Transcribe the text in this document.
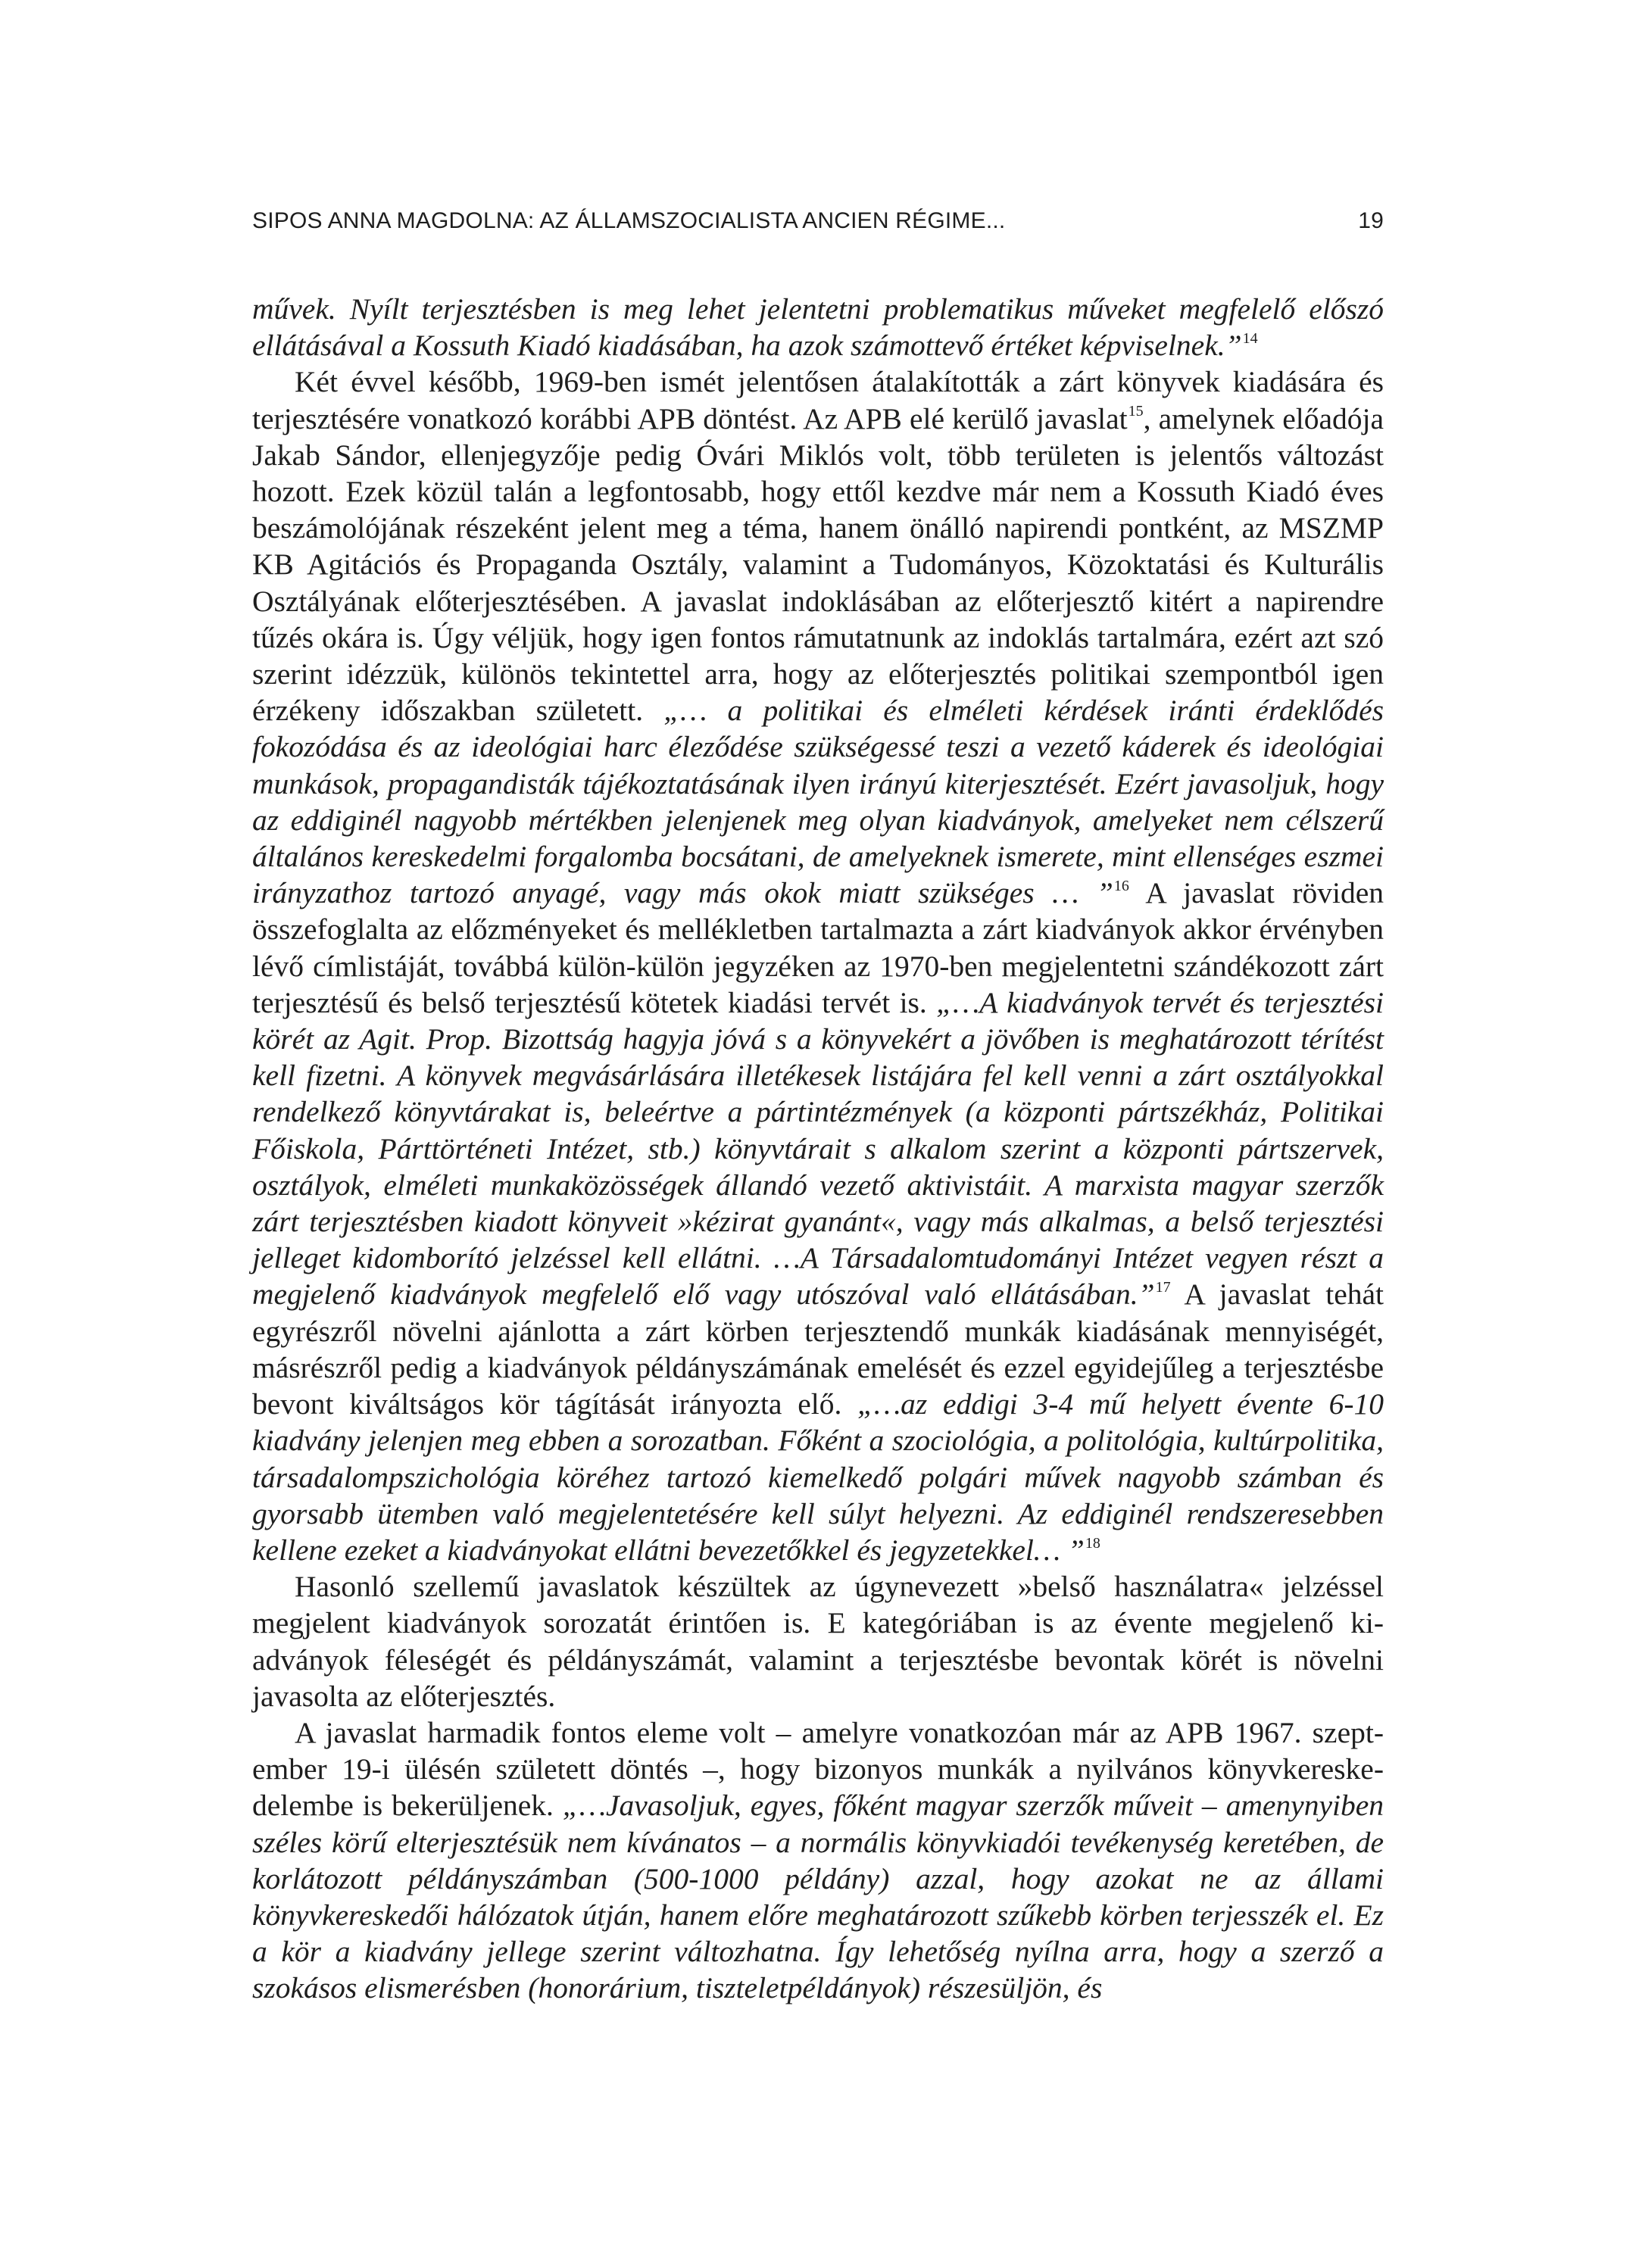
SIPOS ANNA MAGDOLNA: AZ ÁLLAMSZOCIALISTA ANCIEN RÉGIME...	19

művek. Nyílt terjesztésben is meg lehet jelentetni problematikus műveket megfelelő előszó ellátásával a Kossuth Kiadó kiadásában, ha azok számottevő értéket képviselnek.”$^{14}$

Két évvel később, 1969-ben ismét jelentősen átalakították a zárt könyvek kiadására és terjesztésére vonatkozó korábbi APB döntést. Az APB elé kerülő javaslat$^{15}$, amelynek előadója Jakab Sándor, ellenjegyzője pedig Óvári Miklós volt, több területen is jelentős változást hozott. Ezek közül talán a legfontosabb, hogy ettől kezdve már nem a Kossuth Kiadó éves beszámolójának részeként jelent meg a téma, hanem önálló napirendi pontként, az MSZMP KB Agitációs és Propaganda Osztály, valamint a Tudományos, Közoktatási és Kulturális Osztályának előterjesztésében. A javaslat indoklásában az előterjesztő kitért a napirendre tűzés okára is. Úgy véljük, hogy igen fontos rámutatnunk az indoklás tartalmára, ezért azt szó szerint idézzük, különös tekintettel arra, hogy az előterjesztés politikai szempontból igen érzékeny időszakban született. „… a politikai és elméleti kérdések iránti érdeklődés fokozódása és az ideológiai harc éleződése szükségessé teszi a vezető káderek és ideológiai munkások, propagandisták tájékoztatásának ilyen irányú kiterjesztését. Ezért javasoljuk, hogy az eddiginél nagyobb mértékben jelenjenek meg olyan kiadványok, amelyeket nem célszerű általános kereskedelmi forgalomba bocsátani, de amelyeknek ismerete, mint ellenséges eszmei irányzathoz tartozó anyagé, vagy más okok miatt szükséges … ”$^{16}$ A javaslat röviden összefoglalta az előzményeket és mellékletben tartalmazta a zárt kiadványok akkor érvényben lévő címlistáját, továbbá külön-külön jegyzéken az 1970-ben megjelentetni szándékozott zárt terjesztésű és belső terjesztésű kötetek kiadási tervét is. „…A kiadványok tervét és terjesztési körét az Agit. Prop. Bizottság hagyja jóvá s a könyvekért a jövőben is meghatározott térítést kell fizetni. A könyvek megvásárlására illetékesek listájára fel kell venni a zárt osztályokkal rendelkező könyvtárakat is, beleértve a pártintézmények (a központi pártszékház, Politikai Főiskola, Párttörténeti Intézet, stb.) könyvtárait s alkalom szerint a központi pártszervek, osztályok, elméleti munkaközösségek állandó vezető aktivistáit. A marxista magyar szerzők zárt terjesztésben kiadott könyveit »kézirat gyanánt«, vagy más alkalmas, a belső terjesztési jelleget kidomborító jelzéssel kell ellátni. …A Társadalomtudományi Intézet vegyen részt a megjelenő kiadványok megfelelő elő vagy utószóval való ellátásában.”$^{17}$ A javaslat tehát egyrészről növelni ajánlotta a zárt körben terjesztendő munkák kiadásának mennyiségét, másrészről pedig a kiadványok példányszámának emelését és ezzel egyidejűleg a terjesztésbe bevont kiváltságos kör tágítását irányozta elő. „…az eddigi 3-4 mű helyett évente 6-10 kiadvány jelenjen meg ebben a sorozatban. Főként a szociológia, a politológia, kultúrpolitika, társadalompszichológia köréhez tartozó kiemelkedő polgári művek nagyobb számban és gyorsabb ütemben való megjelentetésére kell súlyt helyezni. Az eddiginél rendszeresebben kellene ezeket a kiadványokat ellátni bevezetőkkel és jegyzetekkel… ”$^{18}$

Hasonló szellemű javaslatok készültek az úgynevezett »belső használatra« jelzéssel megjelent kiadványok sorozatát érintően is. E kategóriában is az évente megjelenő kiadványok féleségét és példányszámát, valamint a terjesztésbe bevontak körét is növelni javasolta az előterjesztés.

A javaslat harmadik fontos eleme volt – amelyre vonatkozóan már az APB 1967. szeptember 19-i ülésén született döntés –, hogy bizonyos munkák a nyilvános könyvkereskedelembe is bekerüljenek. „…Javasoljuk, egyes, főként magyar szerzők műveit – amenynyiben széles körű elterjesztésük nem kívánatos – a normális könyvkiadói tevékenység keretében, de korlátozott példányszámban (500-1000 példány) azzal, hogy azokat ne az állami könyvkereskedői hálózatok útján, hanem előre meghatározott szűkebb körben terjesszék el. Ez a kör a kiadvány jellege szerint változhatna. Így lehetőség nyílna arra, hogy a szerző a szokásos elismerésben (honorárium, tiszteletpéldányok) részesüljön, és
